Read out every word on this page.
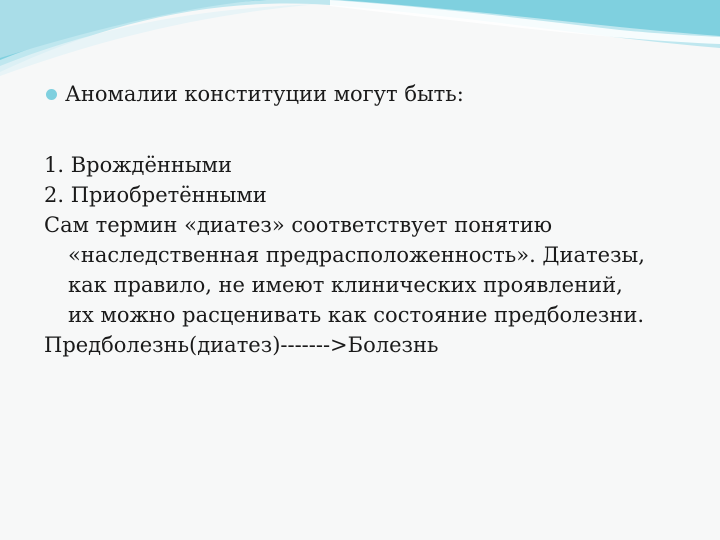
Аномалии конституции могут быть:
1. Врождёнными
2. Приобретёнными
Сам термин «диатез» соответствует понятию
«наследственная предрасположенность». Диатезы,
как правило, не имеют клинических проявлений,
их можно расценивать как состояние предболезни.
Предболезнь(диатез)------->Болезнь
